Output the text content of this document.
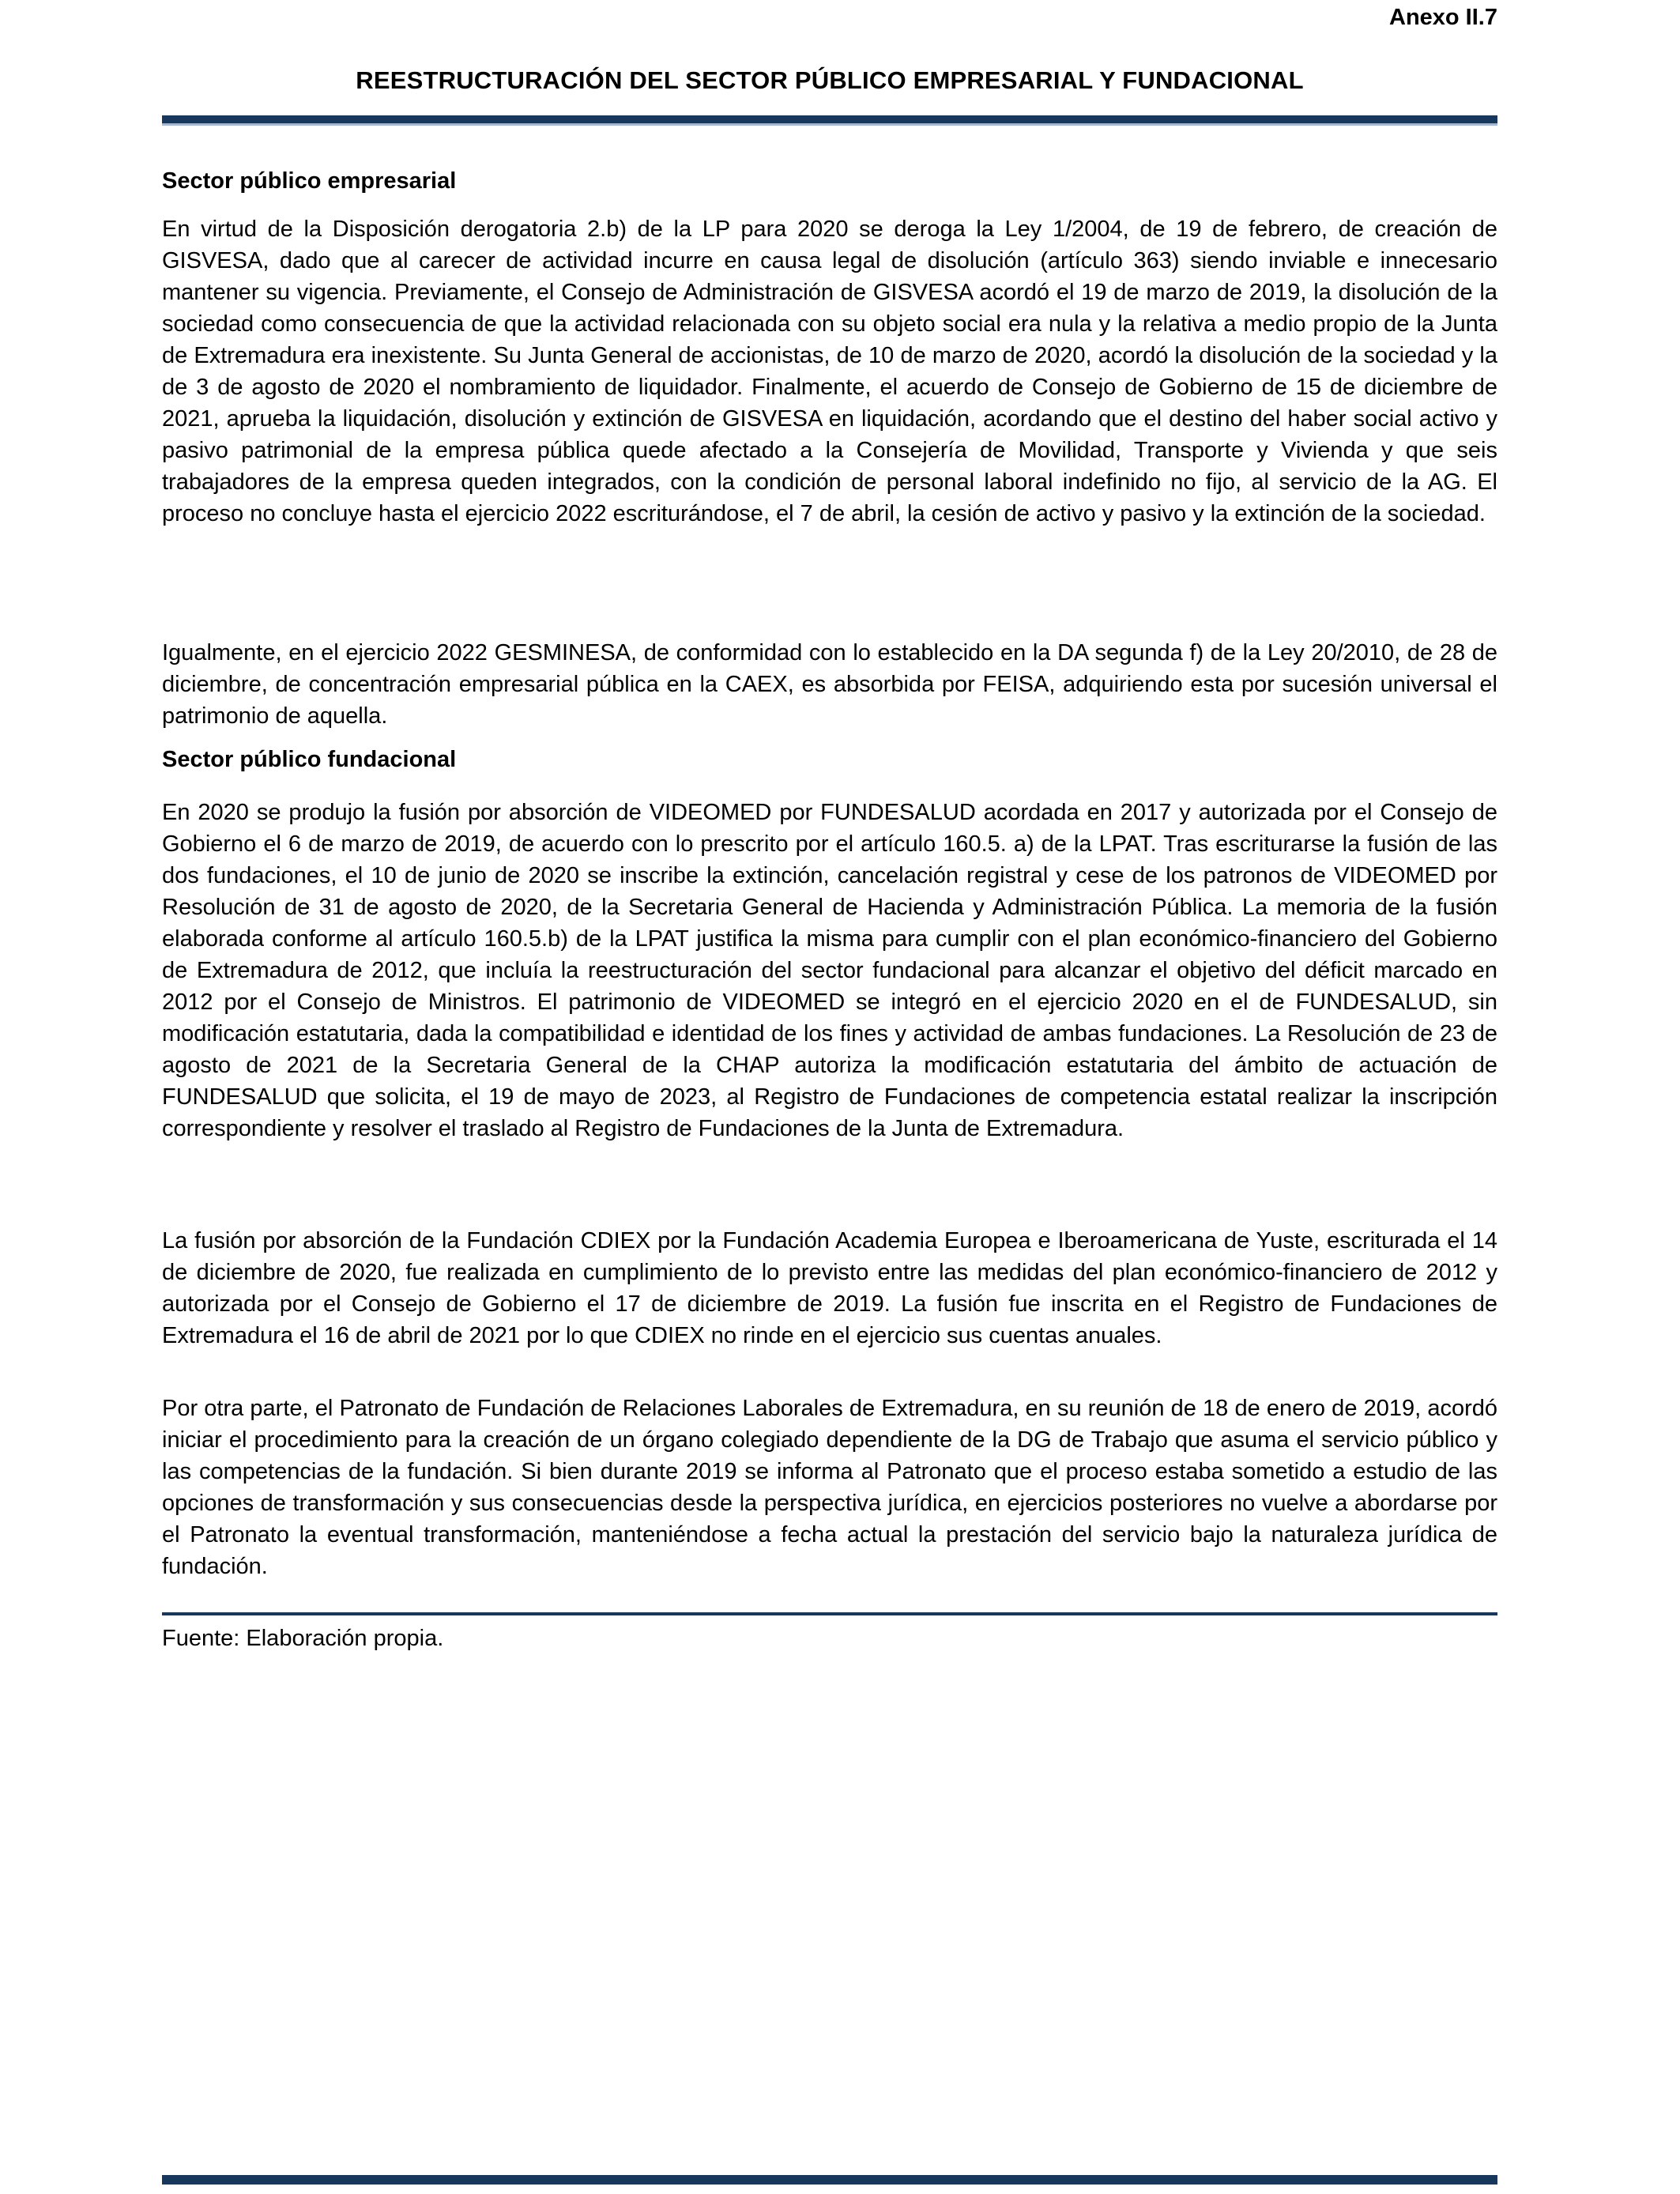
Anexo II.7
REESTRUCTURACIÓN DEL SECTOR PÚBLICO EMPRESARIAL Y FUNDACIONAL
Sector público empresarial

En virtud de la Disposición derogatoria 2.b) de la LP para 2020 se deroga la Ley 1/2004, de 19 de febrero, de creación de GISVESA, dado que al carecer de actividad incurre en causa legal de disolución (artículo 363) siendo inviable e innecesario mantener su vigencia. Previamente, el Consejo de Administración de GISVESA acordó el 19 de marzo de 2019, la disolución de la sociedad como consecuencia de que la actividad relacionada con su objeto social era nula y la relativa a medio propio de la Junta de Extremadura era inexistente. Su Junta General de accionistas, de 10 de marzo de 2020, acordó la disolución de la sociedad y la de 3 de agosto de 2020 el nombramiento de liquidador. Finalmente, el acuerdo de Consejo de Gobierno de 15 de diciembre de 2021, aprueba la liquidación, disolución y extinción de GISVESA en liquidación, acordando que el destino del haber social activo y pasivo patrimonial de la empresa pública quede afectado a la Consejería de Movilidad, Transporte y Vivienda y que seis trabajadores de la empresa queden integrados, con la condición de personal laboral indefinido no fijo, al servicio de la AG. El proceso no concluye hasta el ejercicio 2022 escriturándose, el 7 de abril, la cesión de activo y pasivo y la extinción de la sociedad.

Igualmente, en el ejercicio 2022 GESMINESA, de conformidad con lo establecido en la DA segunda f) de la Ley 20/2010, de 28 de diciembre, de concentración empresarial pública en la CAEX, es absorbida por FEISA, adquiriendo esta por sucesión universal el patrimonio de aquella.

Sector público fundacional

En 2020 se produjo la fusión por absorción de VIDEOMED por FUNDESALUD acordada en 2017 y autorizada por el Consejo de Gobierno el 6 de marzo de 2019, de acuerdo con lo prescrito por el artículo 160.5. a) de la LPAT. Tras escriturarse la fusión de las dos fundaciones, el 10 de junio de 2020 se inscribe la extinción, cancelación registral y cese de los patronos de VIDEOMED por Resolución de 31 de agosto de 2020, de la Secretaria General de Hacienda y Administración Pública. La memoria de la fusión elaborada conforme al artículo 160.5.b) de la LPAT justifica la misma para cumplir con el plan económico-financiero del Gobierno de Extremadura de 2012, que incluía la reestructuración del sector fundacional para alcanzar el objetivo del déficit marcado en 2012 por el Consejo de Ministros. El patrimonio de VIDEOMED se integró en el ejercicio 2020 en el de FUNDESALUD, sin modificación estatutaria, dada la compatibilidad e identidad de los fines y actividad de ambas fundaciones. La Resolución de 23 de agosto de 2021 de la Secretaria General de la CHAP autoriza la modificación estatutaria del ámbito de actuación de FUNDESALUD que solicita, el 19 de mayo de 2023, al Registro de Fundaciones de competencia estatal realizar la inscripción correspondiente y resolver el traslado al Registro de Fundaciones de la Junta de Extremadura.

La fusión por absorción de la Fundación CDIEX por la Fundación Academia Europea e Iberoamericana de Yuste, escriturada el 14 de diciembre de 2020, fue realizada en cumplimiento de lo previsto entre las medidas del plan económico-financiero de 2012 y autorizada por el Consejo de Gobierno el 17 de diciembre de 2019. La fusión fue inscrita en el Registro de Fundaciones de Extremadura el 16 de abril de 2021 por lo que CDIEX no rinde en el ejercicio sus cuentas anuales.

Por otra parte, el Patronato de Fundación de Relaciones Laborales de Extremadura, en su reunión de 18 de enero de 2019, acordó iniciar el procedimiento para la creación de un órgano colegiado dependiente de la DG de Trabajo que asuma el servicio público y las competencias de la fundación. Si bien durante 2019 se informa al Patronato que el proceso estaba sometido a estudio de las opciones de transformación y sus consecuencias desde la perspectiva jurídica, en ejercicios posteriores no vuelve a abordarse por el Patronato la eventual transformación, manteniéndose a fecha actual la prestación del servicio bajo la naturaleza jurídica de fundación.

Fuente: Elaboración propia.
